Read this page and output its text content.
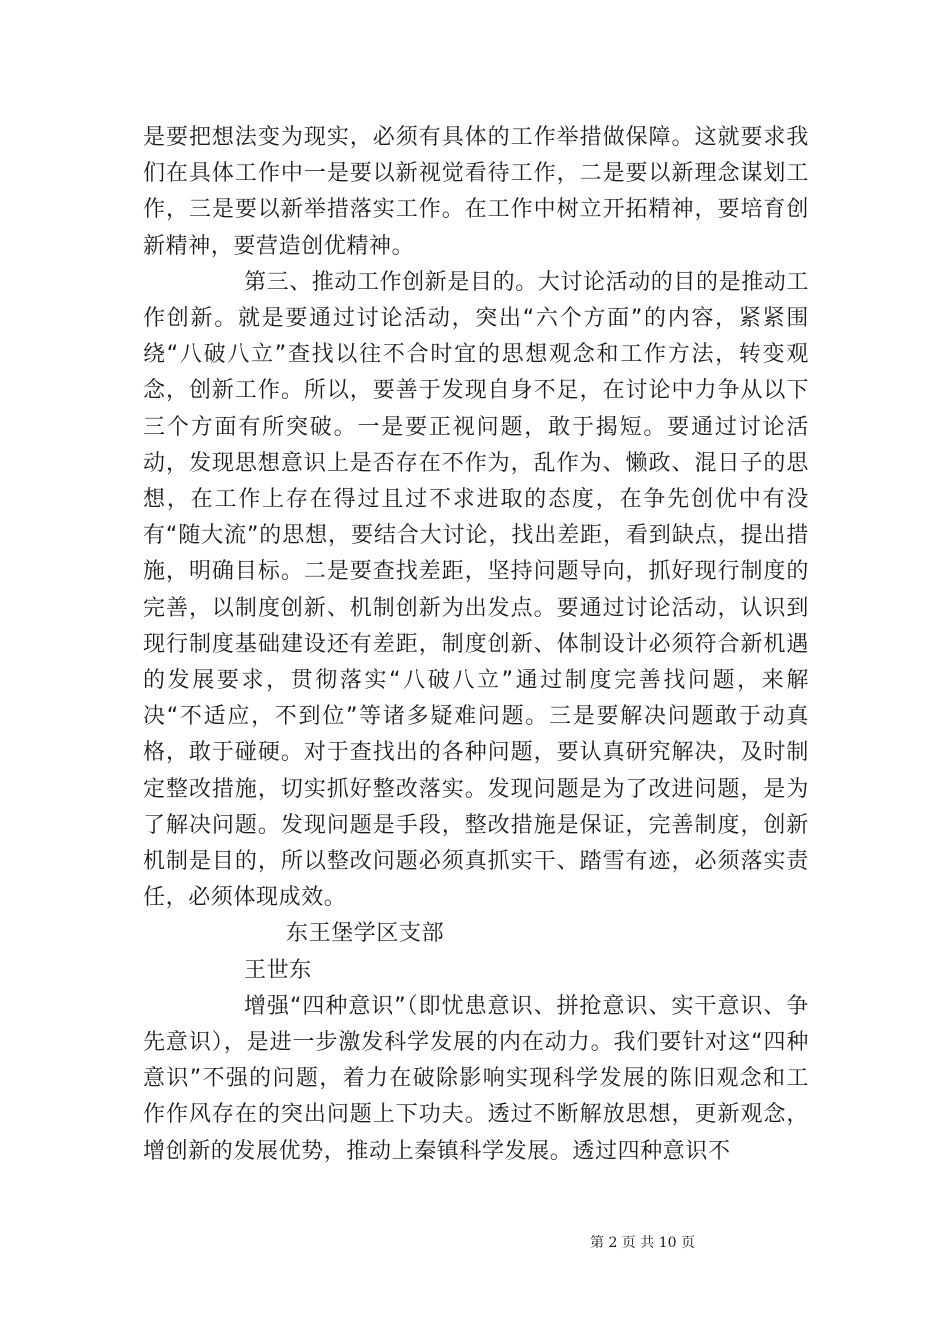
是要把想法变为现实，必须有具体的工作举措做保障。这就要求我们在具体工作中一是要以新视觉看待工作，二是要以新理念谋划工作，三是要以新举措落实工作。在工作中树立开拓精神，要培育创新精神，要营造创优精神。

第三、推动工作创新是目的。大讨论活动的目的是推动工作创新。就是要通过讨论活动，突出“六个方面”的内容，紧紧围绕“八破八立”查找以往不合时宜的思想观念和工作方法，转变观念，创新工作。所以，要善于发现自身不足，在讨论中力争从以下三个方面有所突破。一是要正视问题，敢于揭短。要通过讨论活动，发现思想意识上是否存在不作为，乱作为、懒政、混日子的思想，在工作上存在得过且过不求进取的态度，在争先创优中有没有“随大流”的思想，要结合大讨论，找出差距，看到缺点，提出措施，明确目标。二是要查找差距，坚持问题导向，抓好现行制度的完善，以制度创新、机制创新为出发点。要通过讨论活动，认识到现行制度基础建设还有差距，制度创新、体制设计必须符合新机遇的发展要求，贯彻落实“八破八立”通过制度完善找问题，来解决“不适应，不到位”等诸多疑难问题。三是要解决问题敢于动真格，敢于碰硬。对于查找出的各种问题，要认真研究解决，及时制定整改措施，切实抓好整改落实。发现问题是为了改进问题，是为了解决问题。发现问题是手段，整改措施是保证，完善制度，创新机制是目的，所以整改问题必须真抓实干、踏雪有迹，必须落实责任，必须体现成效。

东王堡学区支部

王世东

增强“四种意识”（即忧患意识、拼抢意识、实干意识、争先意识），是进一步激发科学发展的内在动力。我们要针对这“四种意识”不强的问题，着力在破除影响实现科学发展的陈旧观念和工作作风存在的突出问题上下功夫。透过不断解放思想，更新观念，增创新的发展优势，推动上秦镇科学发展。透过四种意识不

第 2 页 共 10 页
